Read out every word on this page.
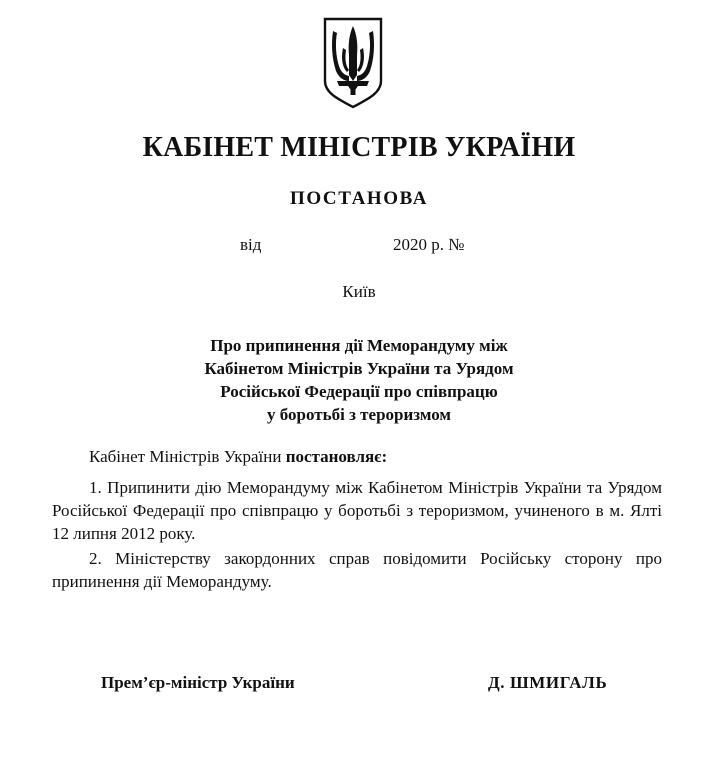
КАБІНЕТ МІНІСТРІВ УКРАЇНИ
ПОСТАНОВА
від	2020 р. №
Київ
Про припинення дії Меморандуму між
Кабінетом Міністрів України та Урядом
Російської Федерації про співпрацю
у боротьбі з тероризмом
Кабінет Міністрів України постановляє:
1. Припинити дію Меморандуму між Кабінетом Міністрів України та Урядом Російської Федерації про співпрацю у боротьбі з тероризмом, учиненого в м. Ялті 12 липня 2012 року.
2. Міністерству закордонних справ повідомити Російську сторону про припинення дії Меморандуму.
Прем’єр-міністр України	Д. ШМИГАЛЬ
